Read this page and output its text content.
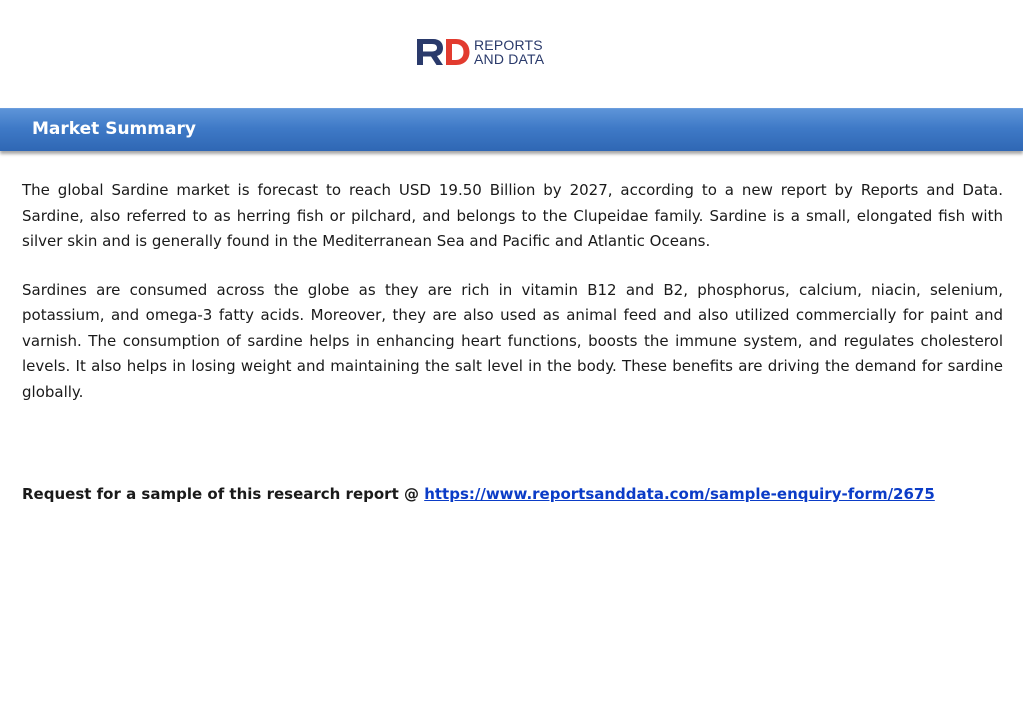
REPORTS
AND DATA
Market Summary

The global Sardine market is forecast to reach USD 19.50 Billion by 2027, according to a new report by Reports and Data. Sardine, also referred to as herring fish or pilchard, and belongs to the Clupeidae family. Sardine is a small, elongated fish with silver skin and is generally found in the Mediterranean Sea and Pacific and Atlantic Oceans.

Sardines are consumed across the globe as they are rich in vitamin B12 and B2, phosphorus, calcium, niacin, selenium, potassium, and omega-3 fatty acids. Moreover, they are also used as animal feed and also utilized commercially for paint and varnish. The consumption of sardine helps in enhancing heart functions, boosts the immune system, and regulates cholesterol levels. It also helps in losing weight and maintaining the salt level in the body. These benefits are driving the demand for sardine globally.

Request for a sample of this research report @ https://www.reportsanddata.com/sample-enquiry-form/2675
